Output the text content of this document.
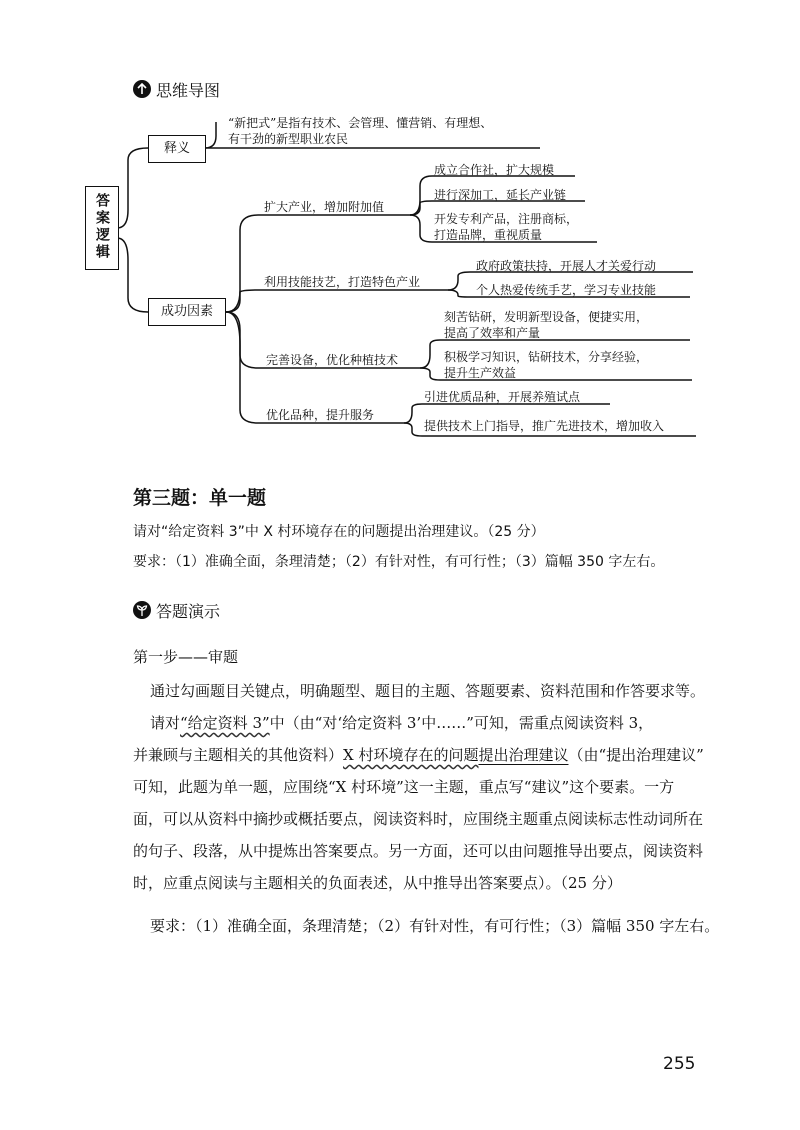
思维导图
答案逻辑
释义
“新把式”是指有技术、会管理、懂营销、有理想、
有干劲的新型职业农民
成功因素
扩大产业，增加附加值
利用技能技艺，打造特色产业
完善设备，优化种植技术
优化品种，提升服务
成立合作社，扩大规模
进行深加工，延长产业链
开发专利产品，注册商标，
打造品牌，重视质量
政府政策扶持，开展人才关爱行动
个人热爱传统手艺，学习专业技能
刻苦钻研，发明新型设备，便捷实用，
提高了效率和产量
积极学习知识，钻研技术，分享经验，
提升生产效益
引进优质品种，开展养殖试点
提供技术上门指导，推广先进技术，增加收入
第三题：单一题
请对“给定资料 3”中 X 村环境存在的问题提出治理建议。（25 分）
要求：（1）准确全面，条理清楚；（2）有针对性，有可行性；（3）篇幅 350 字左右。
答题演示
第一步——审题
通过勾画题目关键点，明确题型、题目的主题、答题要素、资料范围和作答要求等。
请对“给定资料 3”中（由“对‘给定资料 3’中……”可知，需重点阅读资料 3，
并兼顾与主题相关的其他资料）X 村环境存在的问题提出治理建议（由“提出治理建议”
可知，此题为单一题，应围绕“X 村环境”这一主题，重点写“建议”这个要素。一方
面，可以从资料中摘抄或概括要点，阅读资料时，应围绕主题重点阅读标志性动词所在
的句子、段落，从中提炼出答案要点。另一方面，还可以由问题推导出要点，阅读资料
时，应重点阅读与主题相关的负面表述，从中推导出答案要点）。（25 分）
要求：（1）准确全面，条理清楚；（2）有针对性，有可行性；（3）篇幅 350 字左右。
255
